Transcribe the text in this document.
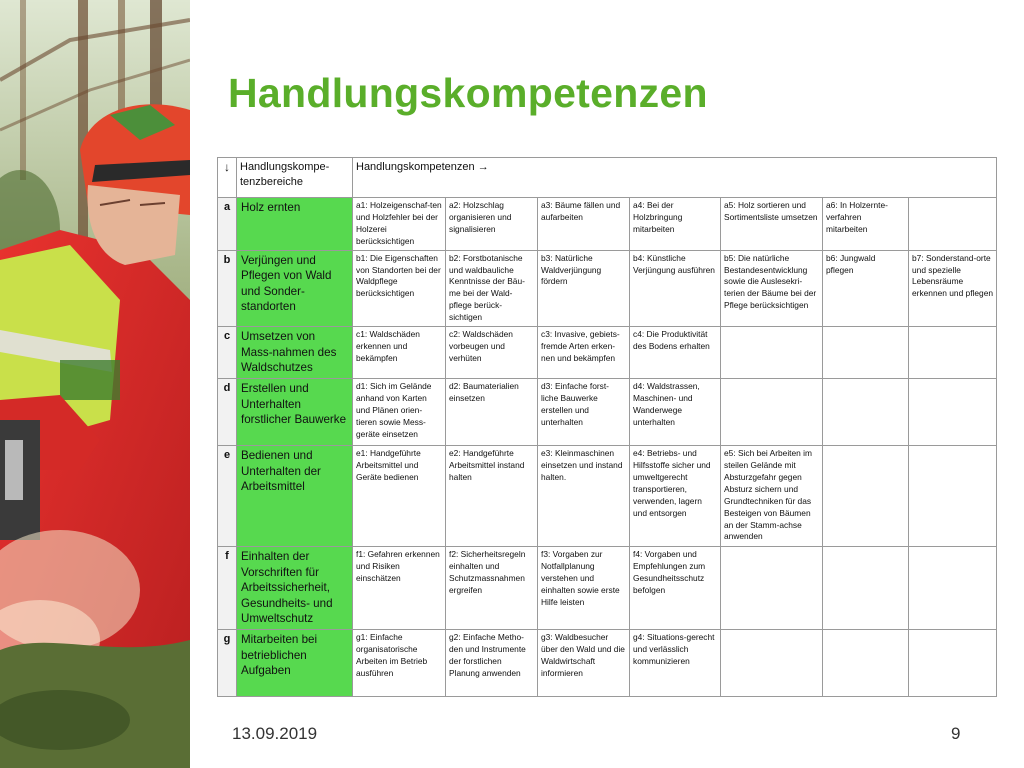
Handlungskompetenzen
↓	Handlungskompe-tenzbereiche	Handlungskompetenzen →						
a	Holz ernten	a1: Holzeigenschaf-ten und Holzfehler bei der Holzerei berücksichtigen	a2: Holzschlag organisieren und signalisieren	a3: Bäume fällen und aufarbeiten	a4: Bei der Holzbringung mitarbeiten	a5: Holz sortieren und Sortimentsliste umsetzen	a6: In Holzernte-verfahren mitarbeiten	
b	Verjüngen und Pflegen von Wald und Sonder-standorten	b1: Die Eigenschaften von Standorten bei der Waldpflege berücksichtigen	b2: Forstbotanische und waldbauliche Kenntnisse der Bäu-me bei der Wald-pflege berück-sichtigen	b3: Natürliche Waldverjüngung fördern	b4: Künstliche Verjüngung ausführen	b5: Die natürliche Bestandesentwicklung sowie die Auslesekri-terien der Bäume bei der Pflege berücksichtigen	b6: Jungwald pflegen	b7: Sonderstand-orte und spezielle Lebensräume erkennen und pflegen
c	Umsetzen von Mass-nahmen des Waldschutzes	c1: Waldschäden erkennen und bekämpfen	c2: Waldschäden vorbeugen und verhüten	c3: Invasive, gebiets-fremde Arten erken-nen und bekämpfen	c4: Die Produktivität des Bodens erhalten			
d	Erstellen und Unterhalten forstlicher Bauwerke	d1: Sich im Gelände anhand von Karten und Plänen orien-tieren sowie Mess-geräte einsetzen	d2: Baumaterialien einsetzen	d3: Einfache forst-liche Bauwerke erstellen und unterhalten	d4: Waldstrassen, Maschinen- und Wanderwege unterhalten			
e	Bedienen und Unterhalten der Arbeitsmittel	e1: Handgeführte Arbeitsmittel und Geräte bedienen	e2: Handgeführte Arbeitsmittel instand halten	e3: Kleinmaschinen einsetzen und instand halten.	e4: Betriebs- und Hilfsstoffe sicher und umweltgerecht transportieren, verwenden, lagern und entsorgen	e5: Sich bei Arbeiten im steilen Gelände mit Absturzgefahr gegen Absturz sichern und Grundtechniken für das Besteigen von Bäumen an der Stamm-achse anwenden		
f	Einhalten der Vorschriften für Arbeitssicherheit, Gesundheits- und Umweltschutz	f1: Gefahren erkennen und Risiken einschätzen	f2: Sicherheitsregeln einhalten und Schutzmassnahmen ergreifen	f3: Vorgaben zur Notfallplanung verstehen und einhalten sowie erste Hilfe leisten	f4: Vorgaben und Empfehlungen zum Gesundheitsschutz befolgen			
g	Mitarbeiten bei betrieblichen Aufgaben	g1: Einfache organisatorische Arbeiten im Betrieb ausführen	g2: Einfache Metho-den und Instrumente der forstlichen Planung anwenden	g3: Waldbesucher über den Wald und die Waldwirtschaft informieren	g4: Situations-gerecht und verlässlich kommunizieren			
13.09.2019	9
